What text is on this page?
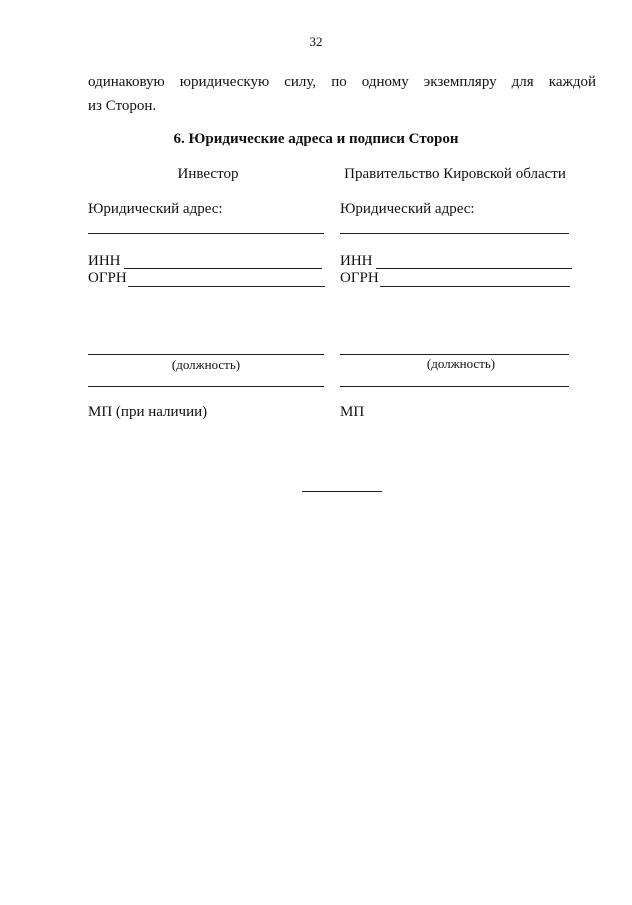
32
одинаковую юридическую силу, по одному экземпляру для каждой
из Сторон.
6. Юридические адреса и подписи Сторон
Инвестор
Юридический адрес:
ИНН
ОГРН
(должность)
МП (при наличии)
Правительство Кировской области
Юридический адрес:
ИНН
ОГРН
(должность)
МП
